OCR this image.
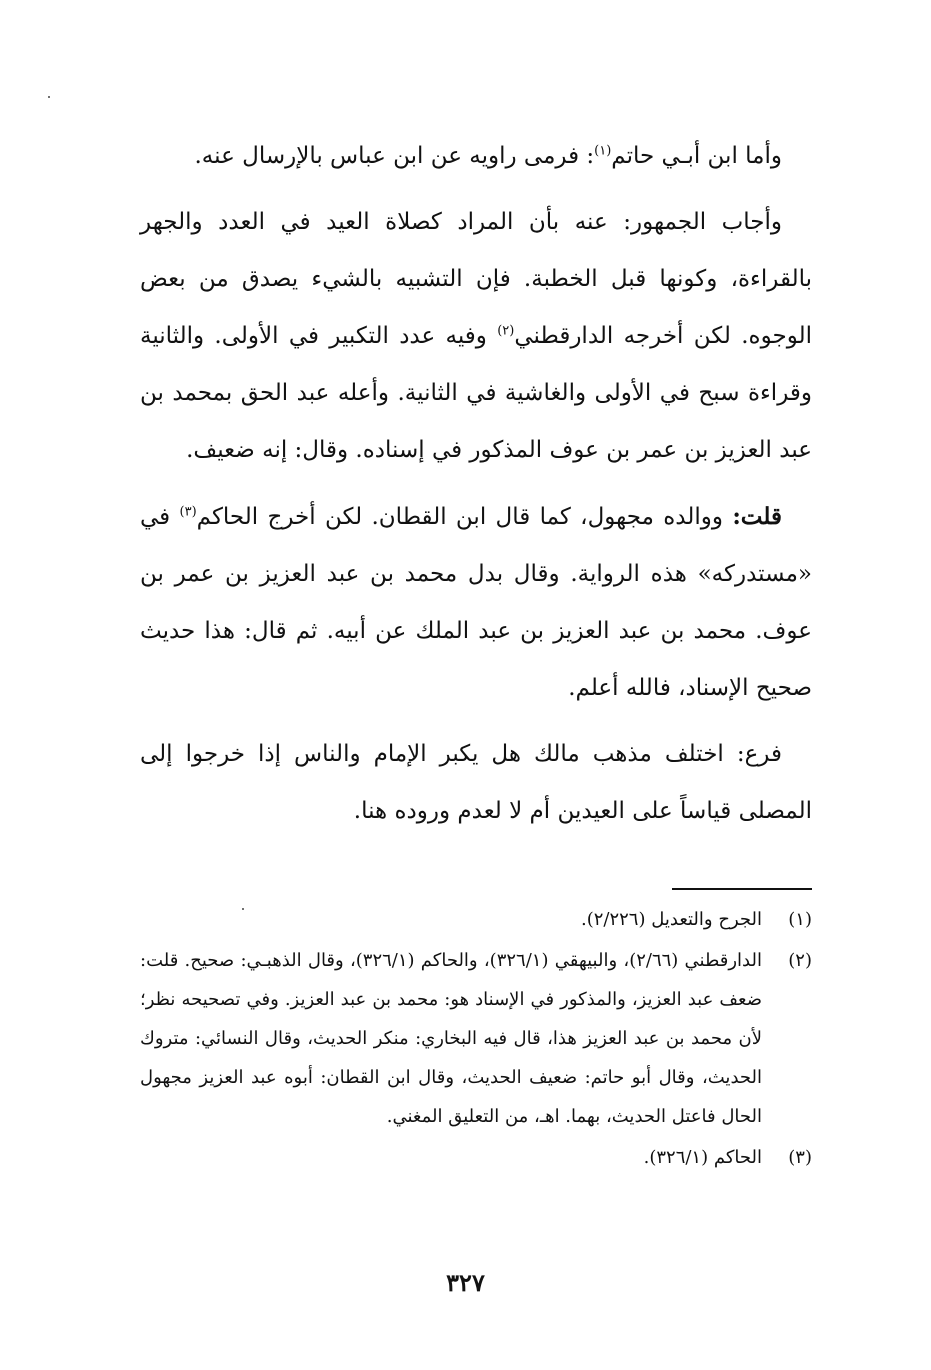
وأما ابن أبـي حاتم$^{(١)}$: فرمى راويه عن ابن عباس بالإرسال عنه.

وأجاب الجمهور: عنه بأن المراد كصلاة العيد في العدد والجهر بالقراءة، وكونها قبل الخطبة. فإن التشبيه بالشيء يصدق من بعض الوجوه. لكن أخرجه الدارقطني$^{(٢)}$ وفيه عدد التكبير في الأولى. والثانية وقراءة سبح في الأولى والغاشية في الثانية. وأعله عبد الحق بمحمد بن عبد العزيز بن عمر بن عوف المذكور في إسناده. وقال: إنه ضعيف.

قلت: ووالده مجهول، كما قال ابن القطان. لكن أخرج الحاكم$^{(٣)}$ في «مستدركه» هذه الرواية. وقال بدل محمد بن عبد العزيز بن عمر بن عوف. محمد بن عبد العزيز بن عبد الملك عن أبيه. ثم قال: هذا حديث صحيح الإسناد، فالله أعلم.

فرع: اختلف مذهب مالك هل يكبر الإمام والناس إذا خرجوا إلى المصلى قياساً على العيدين أم لا لعدم وروده هنا.

(١)
الجرح والتعديل (٢/٢٢٦).
(٢)
الدارقطني (٢/٦٦)، والبيهقي (٣٢٦/١)، والحاكم (٣٢٦/١)، وقال الذهبـي: صحيح. قلت: ضعف عبد العزيز، والمذكور في الإسناد هو: محمد بن عبد العزيز. وفي تصحيحه نظر؛ لأن محمد بن عبد العزيز هذا، قال فيه البخاري: منكر الحديث، وقال النسائي: متروك الحديث، وقال أبو حاتم: ضعيف الحديث، وقال ابن القطان: أبوه عبد العزيز مجهول الحال فاعتل الحديث، بهما. اهـ، من التعليق المغني.
(٣)
الحاكم (٣٢٦/١).
٣٢٧
